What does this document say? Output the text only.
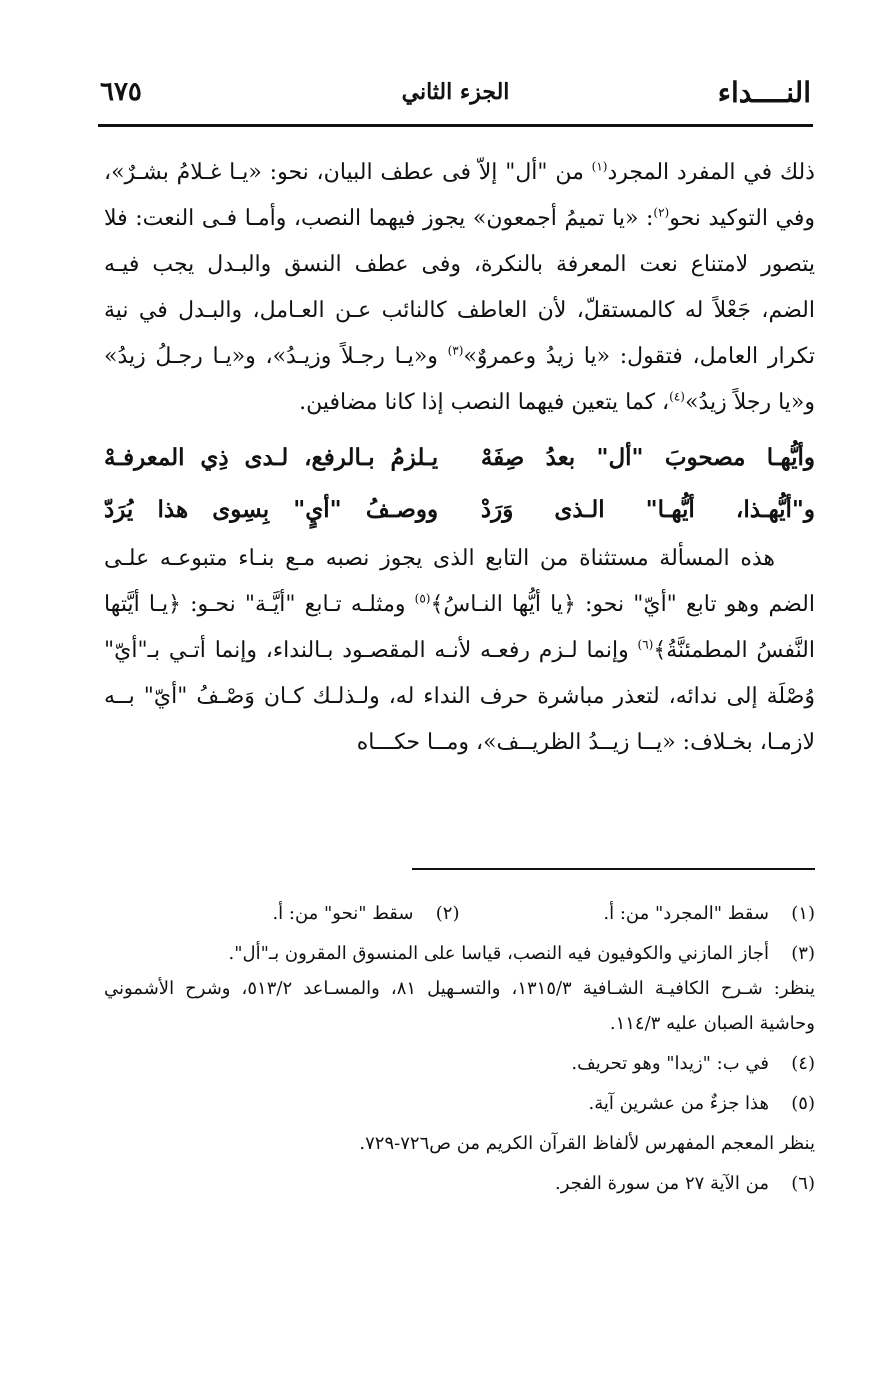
النــــداء
الجزء الثاني
٦٧٥

ذلك في المفرد المجرد$^{(١)}$ من "أل" إلاّ فى عطف البيان، نحو: «يـا غـلامُ بشـرٌ»، وفي التوكيد نحو$^{(٢)}$: «يا تميمُ أجمعون» يجوز فيهما النصب، وأمـا فـى النعت: فلا يتصور لامتناع نعت المعرفة بالنكرة، وفى عطف النسق والبـدل يجب فيـه الضم، جَعْلاً له كالمستقلّ، لأن العاطف كالنائب عـن العـامل، والبـدل في نية تكرار العامل، فتقول: «يا زيدُ وعمروٌ»$^{(٣)}$ و«يـا رجـلاً وزيـدُ»، و«يـا رجـلُ زيدُ» و«يا رجلاً زيدُ»$^{(٤)}$، كما يتعين فيهما النصب إذا كانا مضافين.

وأيُّهـا مصحوبَ "أل" بعدُ صِفَهْ
يـلزمُ بـالرفع، لـدى ذِي المعرفـهْ
و"أيُّهـذا، أيُّهـا" الـذى وَرَدْ
ووصـفُ "أيٍ" بِسِوى هذا يُرَدّ

هذه المسألة مستثناة من التابع الذى يجوز نصبه مـع بنـاء متبوعـه علـى الضم وهو تابع "أيّ" نحو: ﴿يا أيُّها النـاسُ﴾$^{(٥)}$ ومثلـه تـابع "أيَّـة" نحـو: ﴿يـا أيَّتها النَّفسُ المطمئنَّةُ﴾$^{(٦)}$ وإنما لـزم رفعـه لأنـه المقصـود بـالنداء، وإنما أتـي بـ"أيّ" وُصْلَة إلى ندائه، لتعذر مباشرة حرف النداء له، ولـذلـك كـان وَصْـفُ "أيّ" بــه لازمـا، بخـلاف: «يــا زيــدُ الظريــف»، ومــا حكـــاه

(١)
سقط "المجرد" من: أ.
(٢)
سقط "نحو" من: أ.
(٣)
أجاز المازني والكوفيون فيه النصب، قياسا على المنسوق المقرون بـ"أل".

ينظر: شـرح الكافيـة الشـافية ١٣١٥/٣، والتسـهيل ٨١، والمسـاعد ٥١٣/٢، وشرح الأشموني وحاشية الصبان عليه ١١٤/٣.

(٤)
في ب: "زيدا" وهو تحريف.
(٥)
هذا جزءٌ من عشرين آية.

ينظر المعجم المفهرس لألفاظ القرآن الكريم من ص٧٢٦-٧٢٩.

(٦)
من الآية ٢٧ من سورة الفجر.
